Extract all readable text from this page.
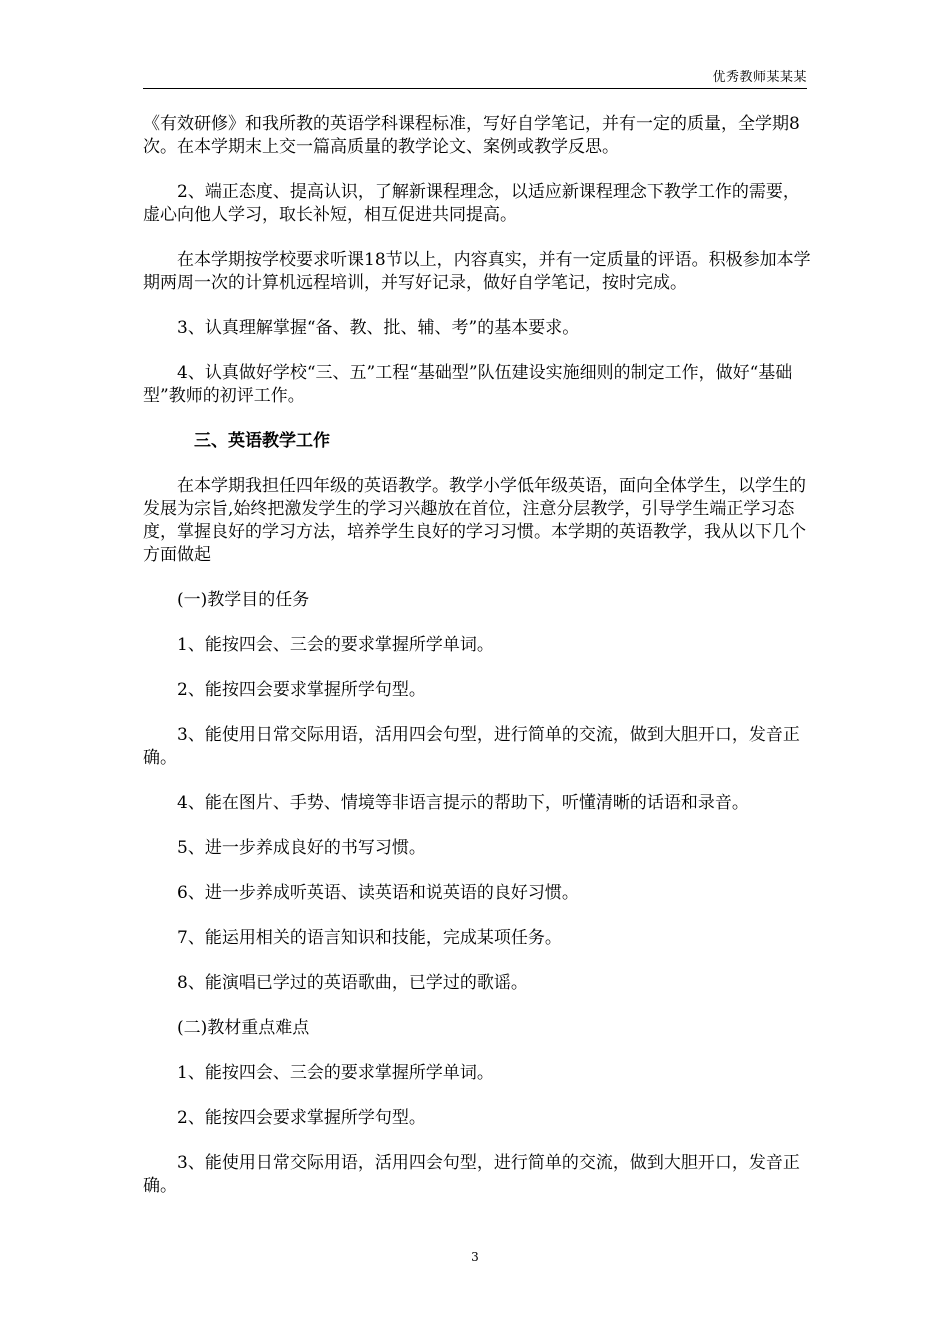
优秀教师某某某

《有效研修》和我所教的英语学科课程标准，写好自学笔记，并有一定的质量，全学期8次。在本学期末上交一篇高质量的教学论文、案例或教学反思。

2、端正态度、提高认识，了解新课程理念，以适应新课程理念下教学工作的需要，虚心向他人学习，取长补短，相互促进共同提高。

在本学期按学校要求听课18节以上，内容真实，并有一定质量的评语。积极参加本学期两周一次的计算机远程培训，并写好记录，做好自学笔记，按时完成。

3、认真理解掌握“备、教、批、辅、考”的基本要求。

4、认真做好学校“三、五”工程“基础型”队伍建设实施细则的制定工作，做好“基础型”教师的初评工作。

三、英语教学工作

在本学期我担任四年级的英语教学。教学小学低年级英语，面向全体学生，以学生的发展为宗旨,始终把激发学生的学习兴趣放在首位，注意分层教学，引导学生端正学习态度，掌握良好的学习方法，培养学生良好的学习习惯。本学期的英语教学，我从以下几个方面做起

(一)教学目的任务

1、能按四会、三会的要求掌握所学单词。

2、能按四会要求掌握所学句型。

3、能使用日常交际用语，活用四会句型，进行简单的交流，做到大胆开口，发音正确。

4、能在图片、手势、情境等非语言提示的帮助下，听懂清晰的话语和录音。

5、进一步养成良好的书写习惯。

6、进一步养成听英语、读英语和说英语的良好习惯。

7、能运用相关的语言知识和技能，完成某项任务。

8、能演唱已学过的英语歌曲，已学过的歌谣。

(二)教材重点难点

1、能按四会、三会的要求掌握所学单词。

2、能按四会要求掌握所学句型。

3、能使用日常交际用语，活用四会句型，进行简单的交流，做到大胆开口，发音正确。

3
